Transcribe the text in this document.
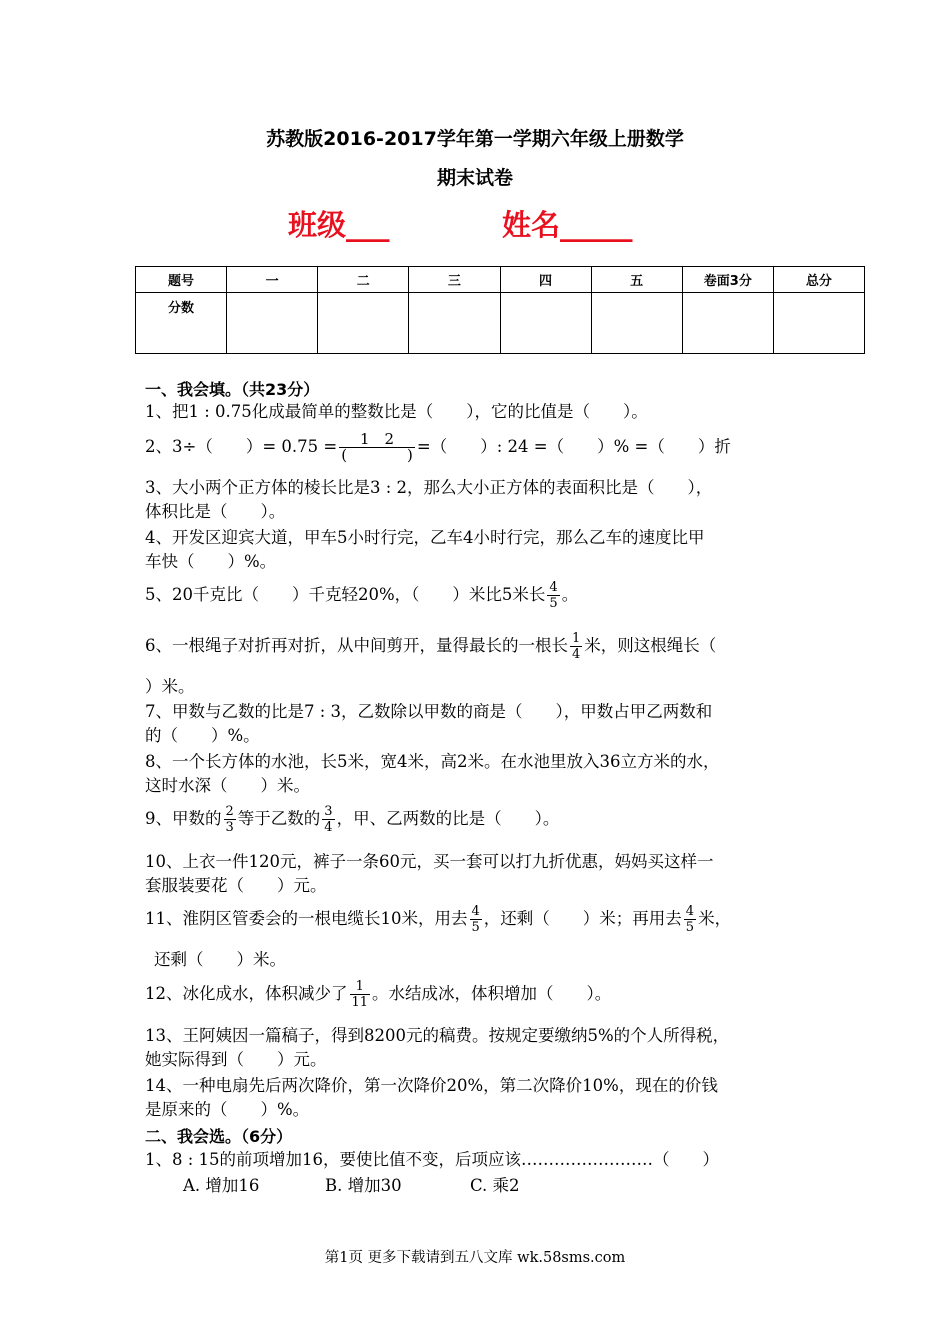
苏教版2016-2017学年第一学期六年级上册数学
期末试卷
班级___	姓名_____
题号	一	二	三	四	五	卷面3分	总分
分数							
一、我会填。（共23分）
1、把1 : 0.75化成最简单的整数比是（　　），它的比值是（　　）。
2、3÷（　　）= $0.75 = \frac{1 2}{( )}$ =（　　）: 24 =（　　）% =（　　）折
3、大小两个正方体的棱长比是3 : 2，那么大小正方体的表面积比是（　　），
体积比是（　　）。
4、开发区迎宾大道，甲车5小时行完，乙车4小时行完，那么乙车的速度比甲
车快（　　）%。
5、20千克比（　　）千克轻20%，（　　）米比5米长 $\frac{4}{5}$ 。
6、一根绳子对折再对折，从中间剪开，量得最长的一根长 $\frac{1}{4}$ 米，则这根绳长（
）米。
7、甲数与乙数的比是7 : 3，乙数除以甲数的商是（　　），甲数占甲乙两数和
的（　　）%。
8、一个长方体的水池，长5米，宽4米，高2米。在水池里放入36立方米的水，
这时水深（　　）米。
9、甲数的 $\frac{2}{3}$ 等于乙数的 $\frac{3}{4}$ ，甲、乙两数的比是（　　）。
10、上衣一件120元，裤子一条60元，买一套可以打九折优惠，妈妈买这样一
套服装要花（　　）元。
11、淮阴区管委会的一根电缆长10米，用去 $\frac{4}{5}$ ，还剩（　　）米；再用去 $\frac{4}{5}$ 米，
还剩（　　）米。
12、冰化成水，体积减少了 $\frac{1}{11}$ 。水结成冰，体积增加（　　）。
13、王阿姨因一篇稿子，得到8200元的稿费。按规定要缴纳5%的个人所得税，
她实际得到（　　）元。
14、一种电扇先后两次降价，第一次降价20%，第二次降价10%，现在的价钱
是原来的（　　）%。
二、我会选。（6分）
1、8 : 15的前项增加16，要使比值不变，后项应该……………………（　　）
A. 增加16	B. 增加30	C. 乘2
第1页 更多下载请到五八文库 wk.58sms.com
